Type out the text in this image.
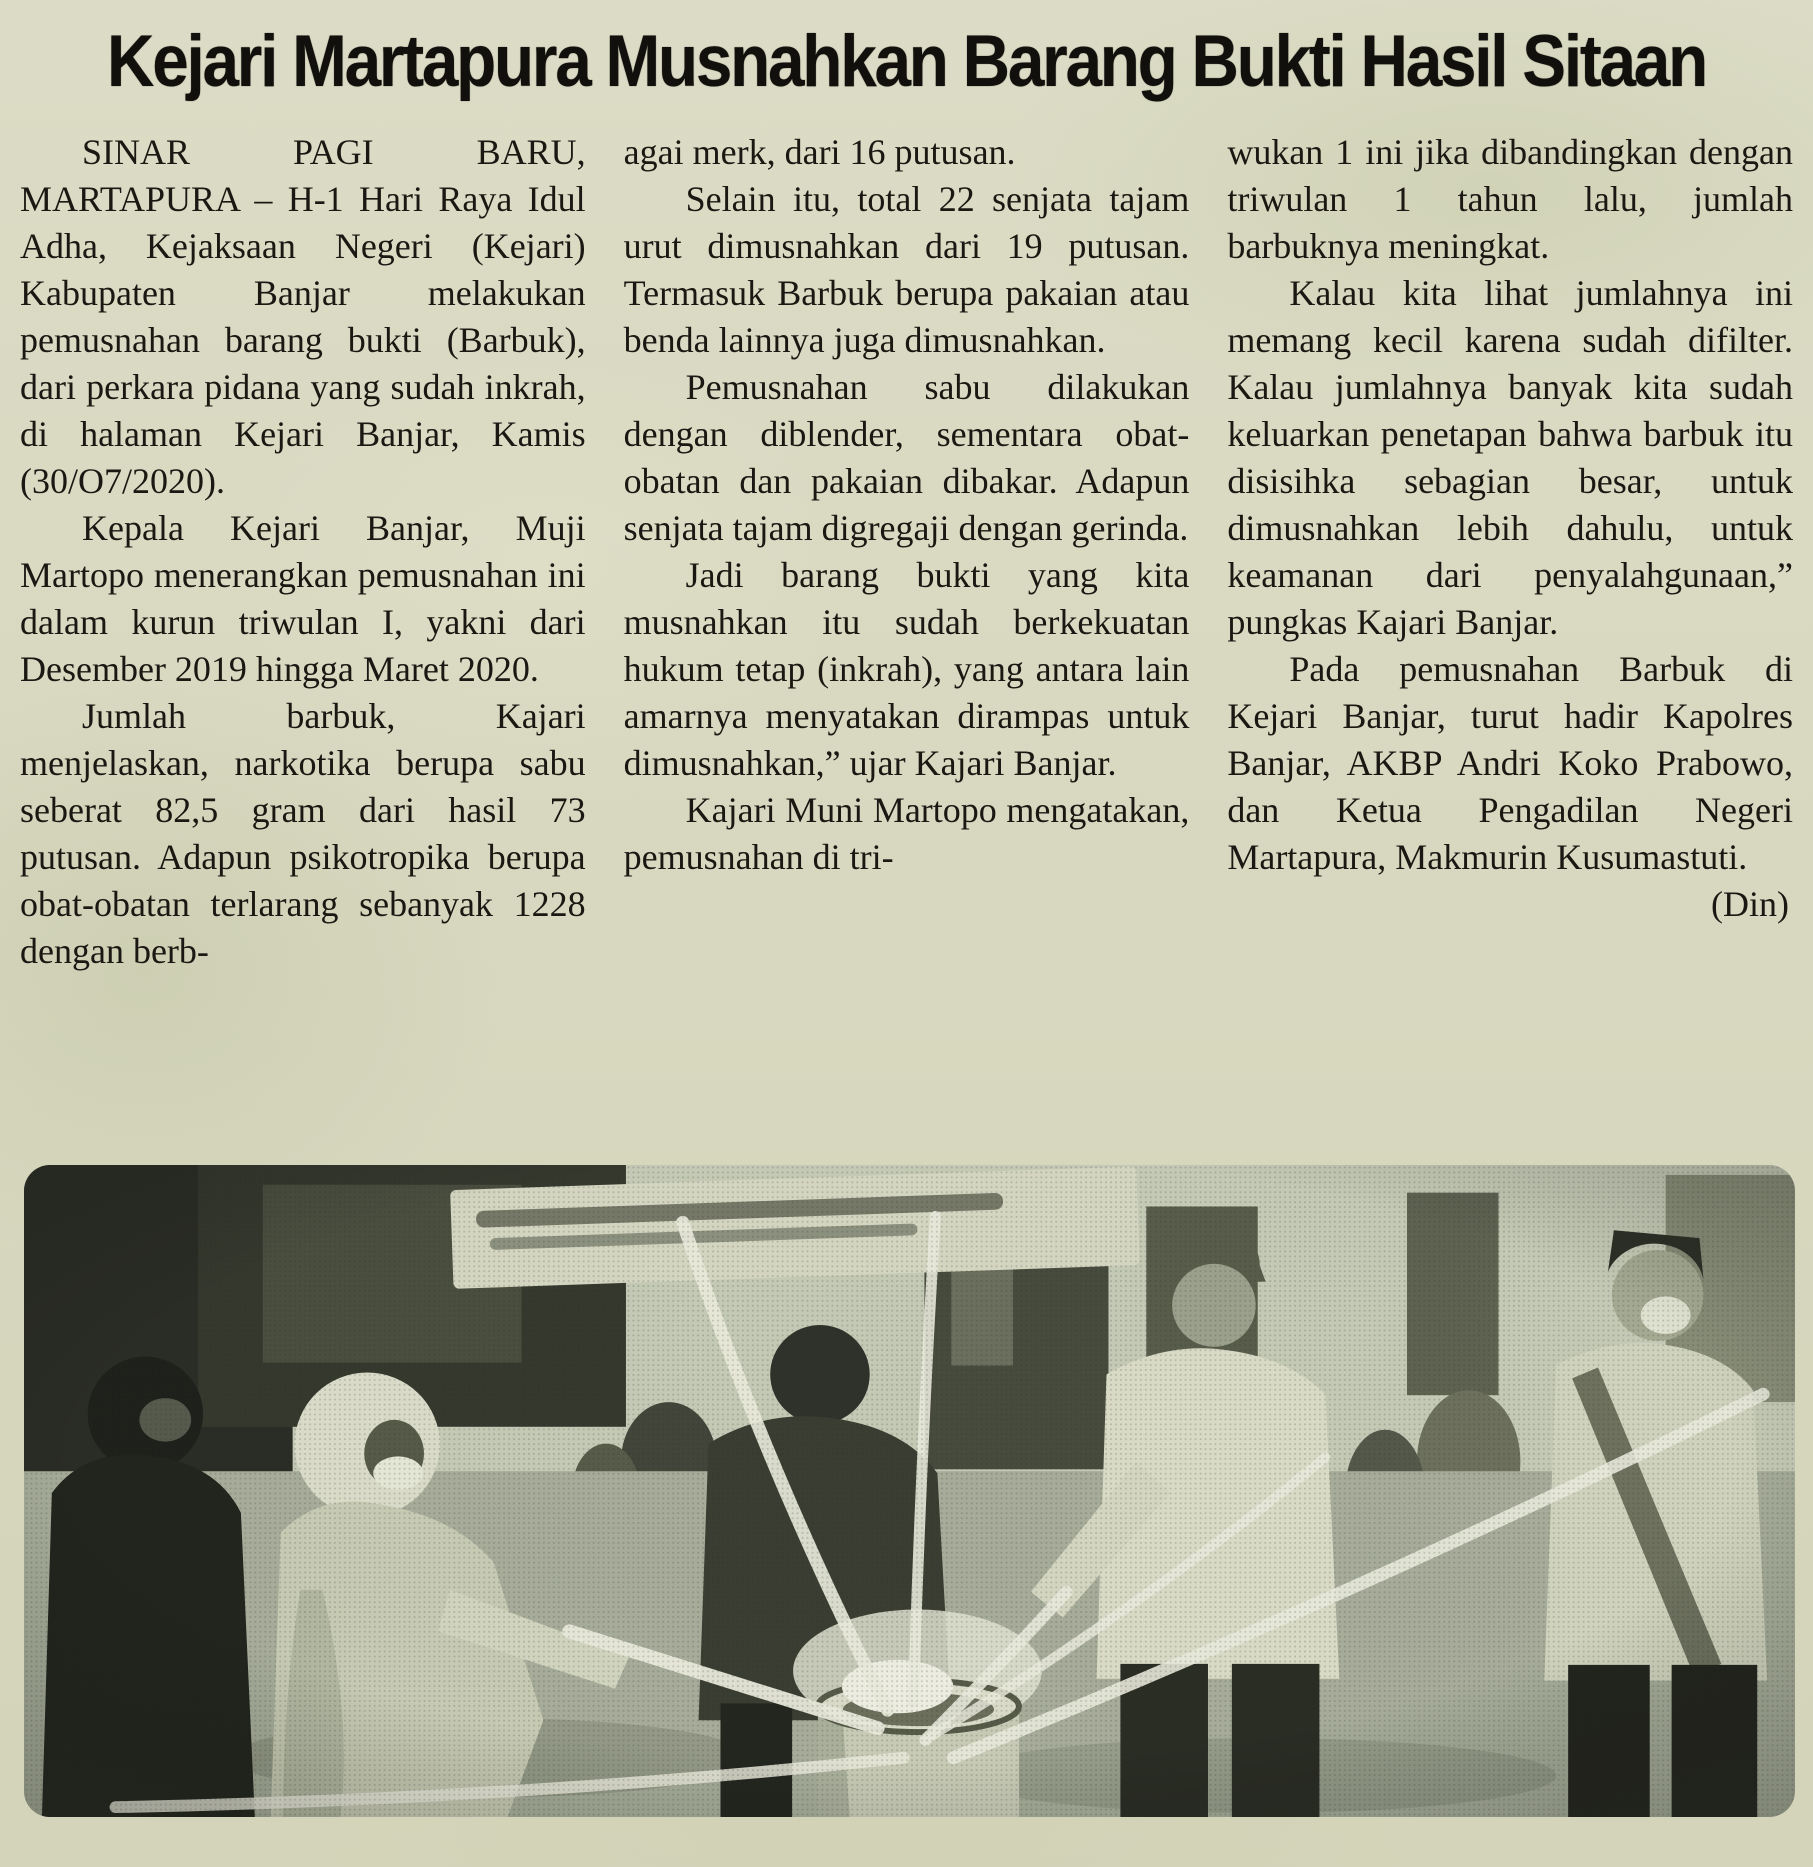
Kejari Martapura Musnahkan Barang Bukti Hasil Sitaan

SINAR PAGI BARU, MARTAPURA – H-1 Hari Raya Idul Adha, Kejaksaan Negeri (Kejari) Kabupaten Banjar melakukan pemusnahan barang bukti (Barbuk), dari perkara pidana yang sudah inkrah, di halaman Kejari Banjar, Kamis (30/O7/2020).

Kepala Kejari Banjar, Muji Martopo menerangkan pemusnahan ini dalam kurun triwulan I, yakni dari Desember 2019 hingga Maret 2020.

Jumlah barbuk, Kajari menjelaskan, narkotika berupa sabu seberat 82,5 gram dari hasil 73 putusan. Adapun psikotropika berupa obat-obatan terlarang sebanyak 1228 dengan berb-

agai merk, dari 16 putusan.

Selain itu, total 22 senjata tajam urut dimusnahkan dari 19 putusan. Termasuk Barbuk berupa pakaian atau benda lainnya juga dimusnahkan.

Pemusnahan sabu dilakukan dengan diblender, sementara obat-obatan dan pakaian dibakar. Adapun senjata tajam digregaji dengan gerinda.

Jadi barang bukti yang kita musnahkan itu sudah berkekuatan hukum tetap (inkrah), yang antara lain amarnya menyatakan dirampas untuk dimusnahkan,” ujar Kajari Banjar.

Kajari Muni Martopo mengatakan, pemusnahan di tri-

wukan 1 ini jika dibandingkan dengan triwulan 1 tahun lalu, jumlah barbuknya meningkat.

Kalau kita lihat jumlahnya ini memang kecil karena sudah difilter. Kalau jumlahnya banyak kita sudah keluarkan penetapan bahwa barbuk itu disisihka sebagian besar, untuk dimusnahkan lebih dahulu, untuk keamanan dari penyalahgunaan,” pungkas Kajari Banjar.

Pada pemusnahan Barbuk di Kejari Banjar, turut hadir Kapolres Banjar, AKBP Andri Koko Prabowo, dan Ketua Pengadilan Negeri Martapura, Makmurin Kusumastuti.

(Din)
